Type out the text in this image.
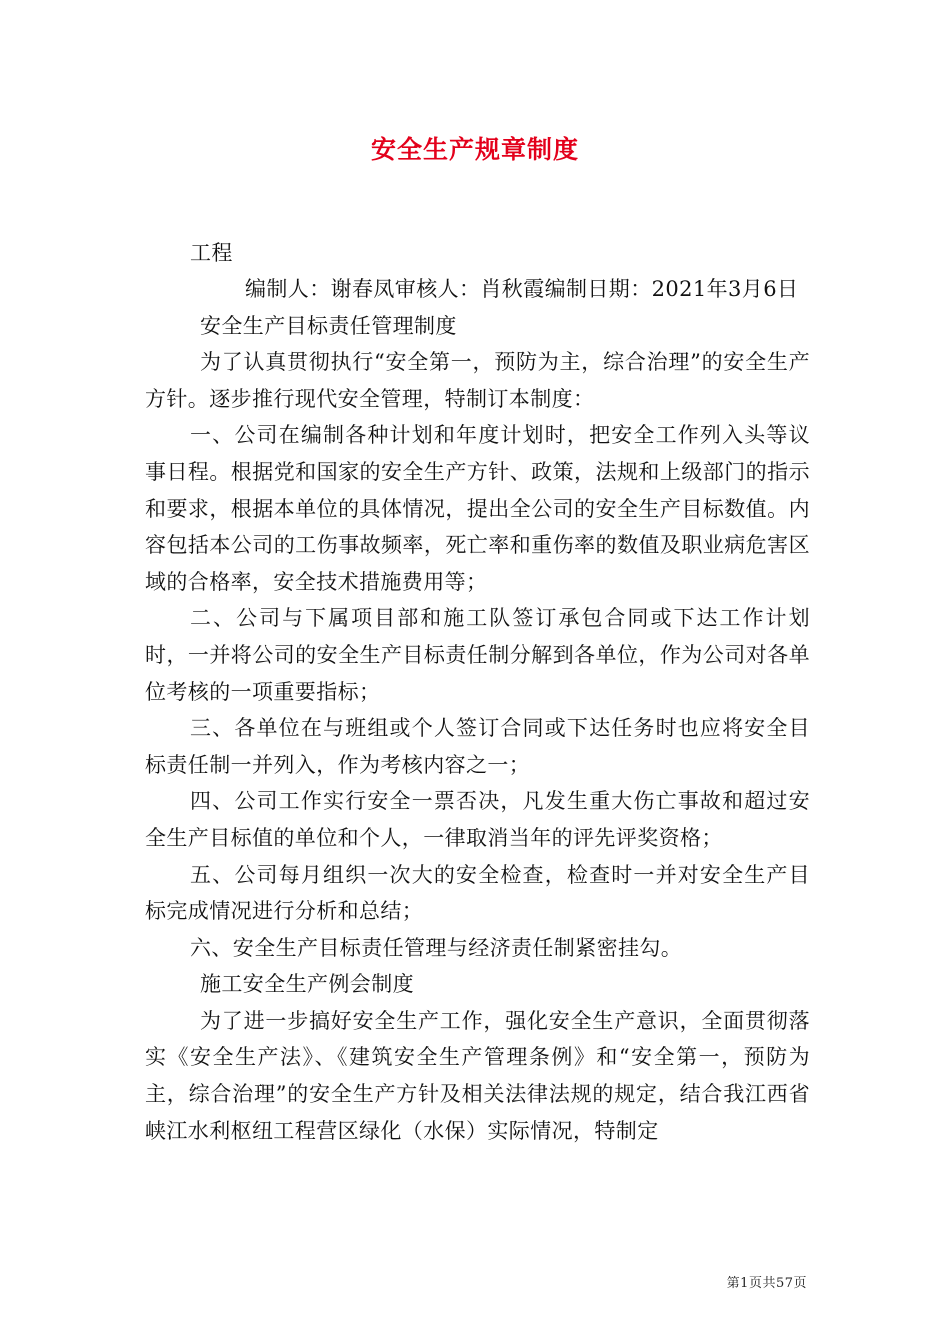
安全生产规章制度

工程

编制人：谢春凤审核人：肖秋霞编制日期：2021年3月6日

安全生产目标责任管理制度

为了认真贯彻执行“安全第一，预防为主，综合治理”的安全生产方针。逐步推行现代安全管理，特制订本制度：

一、公司在编制各种计划和年度计划时，把安全工作列入头等议事日程。根据党和国家的安全生产方针、政策，法规和上级部门的指示和要求，根据本单位的具体情况，提出全公司的安全生产目标数值。内容包括本公司的工伤事故频率，死亡率和重伤率的数值及职业病危害区域的合格率，安全技术措施费用等；

二、公司与下属项目部和施工队签订承包合同或下达工作计划时，一并将公司的安全生产目标责任制分解到各单位，作为公司对各单位考核的一项重要指标；

三、各单位在与班组或个人签订合同或下达任务时也应将安全目标责任制一并列入，作为考核内容之一；

四、公司工作实行安全一票否决，凡发生重大伤亡事故和超过安全生产目标值的单位和个人，一律取消当年的评先评奖资格；

五、公司每月组织一次大的安全检查，检查时一并对安全生产目标完成情况进行分析和总结；

六、安全生产目标责任管理与经济责任制紧密挂勾。

施工安全生产例会制度

为了进一步搞好安全生产工作，强化安全生产意识，全面贯彻落实《安全生产法》、《建筑安全生产管理条例》和“安全第一，预防为主，综合治理”的安全生产方针及相关法律法规的规定，结合我江西省峡江水利枢纽工程营区绿化（水保）实际情况，特制定

第1页共57页
